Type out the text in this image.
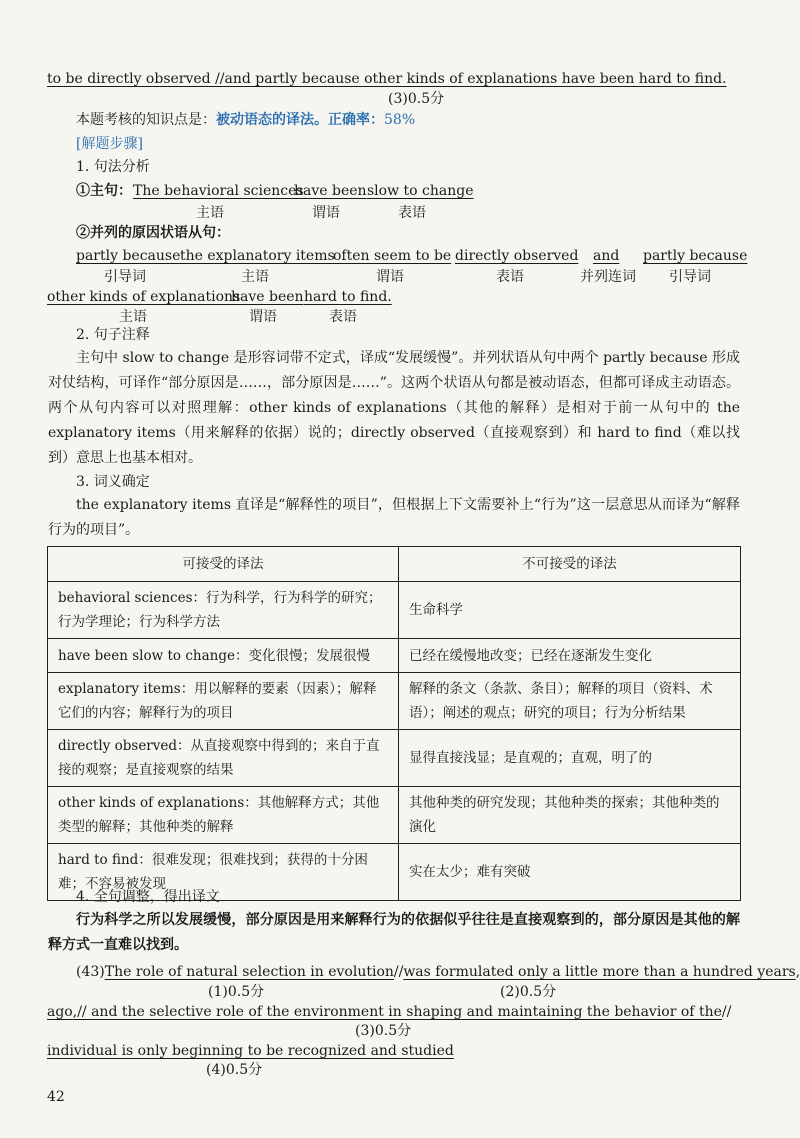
to be directly observed //and partly because other kinds of explanations have been hard to find.
(3)0.5分
本题考核的知识点是：被动语态的译法。正确率：58%
[解题步骤]
1. 句法分析
①主句： The behavioral sciences
have been slow to change
主语	谓语	表语
②并列的原因状语从句：
partly because the explanatory items
often seem to be directly observed and partly because
引导词	主语	谓语	表语	并列连词	引导词
other kinds of explanations
have been hard to find.
主语	谓语	表语
2. 句子注释
主句中 slow to change 是形容词带不定式，译成“发展缓慢”。并列状语从句中两个 partly because 形成对仗结构，可译作“部分原因是……，部分原因是……”。这两个状语从句都是被动语态，但都可译成主动语态。两个从句内容可以对照理解：other kinds of explanations（其他的解释）是相对于前一从句中的 the explanatory items（用来解释的依据）说的；directly observed（直接观察到）和 hard to find（难以找到）意思上也基本相对。
3. 词义确定
the explanatory items 直译是“解释性的项目”，但根据上下文需要补上“行为”这一层意思从而译为“解释行为的项目”。
可接受的译法	不可接受的译法
behavioral sciences：行为科学，行为科学的研究；行为学理论；行为科学方法	生命科学
have been slow to change：变化很慢；发展很慢	已经在缓慢地改变；已经在逐渐发生变化
explanatory items：用以解释的要素（因素）；解释它们的内容；解释行为的项目	解释的条文（条款、条目）；解释的项目（资料、术语）；阐述的观点；研究的项目；行为分析结果
directly observed：从直接观察中得到的；来自于直接的观察；是直接观察的结果	显得直接浅显；是直观的；直观，明了的
other kinds of explanations：其他解释方式；其他类型的解释；其他种类的解释	其他种类的研究发现；其他种类的探索；其他种类的演化
hard to find：很难发现；很难找到；获得的十分困难；不容易被发现	实在太少；难有突破
4. 全句调整，得出译文
行为科学之所以发展缓慢，部分原因是用来解释行为的依据似乎往往是直接观察到的，部分原因是其他的解释方式一直难以找到。
(43)The role of natural selection in evolution//was formulated only a little more than a hundred years,
(1)0.5分	(2)0.5分
ago,// and the selective role of the environment in shaping and maintaining the behavior of the//
(3)0.5分
individual is only beginning to be recognized and studied
(4)0.5分
42
